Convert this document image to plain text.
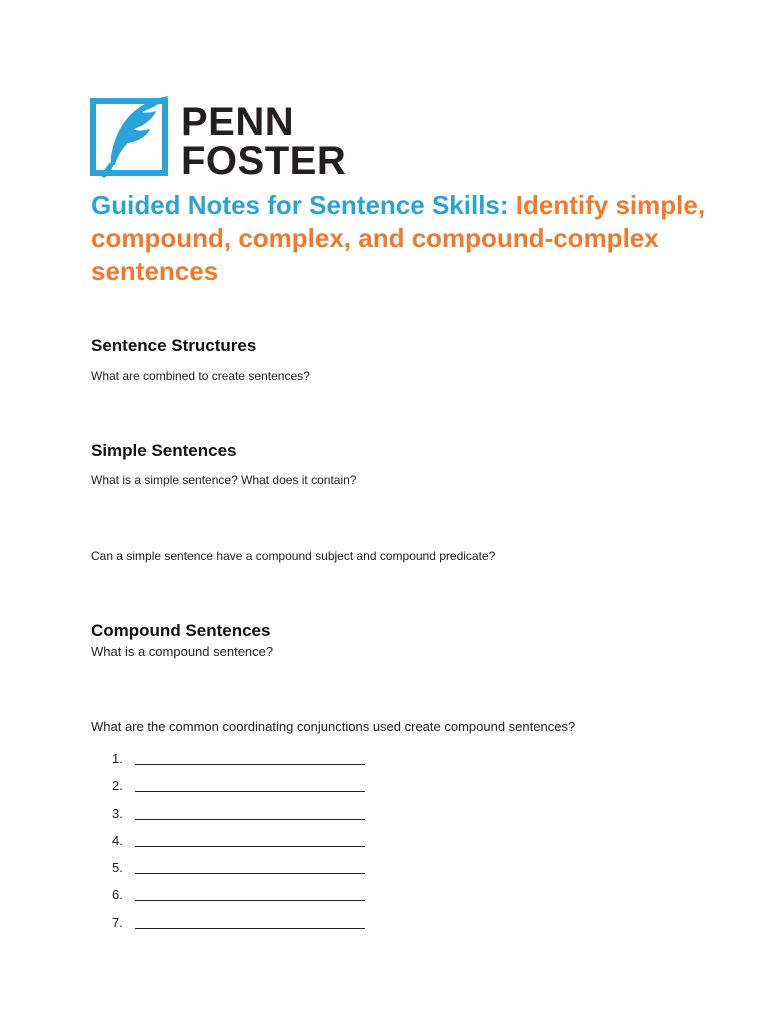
PENN
FOSTER
Guided Notes for Sentence Skills: Identify simple, compound, complex, and compound-complex sentences
Sentence Structures

What are combined to create sentences?

Simple Sentences

What is a simple sentence? What does it contain?

Can a simple sentence have a compound subject and compound predicate?

Compound Sentences

What is a compound sentence?

What are the common coordinating conjunctions used create compound sentences?

1.
2.
3.
4.
5.
6.
7.
